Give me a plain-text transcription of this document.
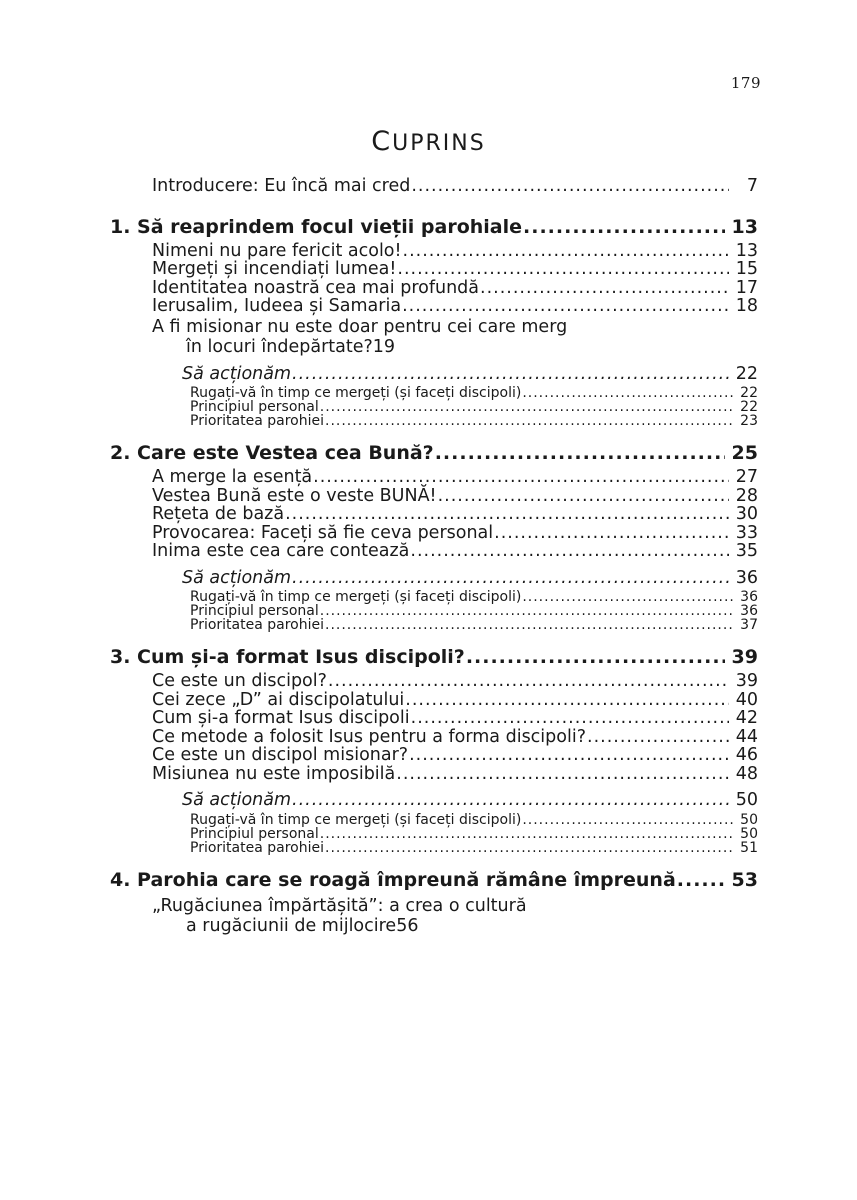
179
CUPRINS
Introducere: Eu încă mai cred .....	7
1. Să reaprindem focul vieții parohiale .....	13
Nimeni nu pare fericit acolo! .....	13
Mergeți și incendiați lumea! .....	15
Identitatea noastră cea mai profundă .....	17
Ierusalim, Iudeea și Samaria .....	18
A fi misionar nu este doar pentru cei care merg
în locuri îndepărtate? 19
Să acționăm .....	22
Rugați-vă în timp ce mergeți (și faceți discipoli) .....	22
Principiul personal .....	22
Prioritatea parohiei .....	23
2. Care este Vestea cea Bună? .....	25
A merge la esență .....	27
Vestea Bună este o veste BUNĂ! .....	28
Rețeta de bază .....	30
Provocarea: Faceți să fie ceva personal .....	33
Inima este cea care contează .....	35
Să acționăm .....	36
Rugați-vă în timp ce mergeți (și faceți discipoli) .....	36
Principiul personal .....	36
Prioritatea parohiei .....	37
3. Cum și-a format Isus discipoli? .....	39
Ce este un discipol? .....	39
Cei zece „D” ai discipolatului .....	40
Cum și-a format Isus discipoli .....	42
Ce metode a folosit Isus pentru a forma discipoli? .....	44
Ce este un discipol misionar? .....	46
Misiunea nu este imposibilă .....	48
Să acționăm .....	50
Rugați-vă în timp ce mergeți (și faceți discipoli) .....	50
Principiul personal .....	50
Prioritatea parohiei .....	51
4. Parohia care se roagă împreună rămâne împreună .....	53
„Rugăciunea împărtășită”: a crea o cultură
a rugăciunii de mijlocire 56
